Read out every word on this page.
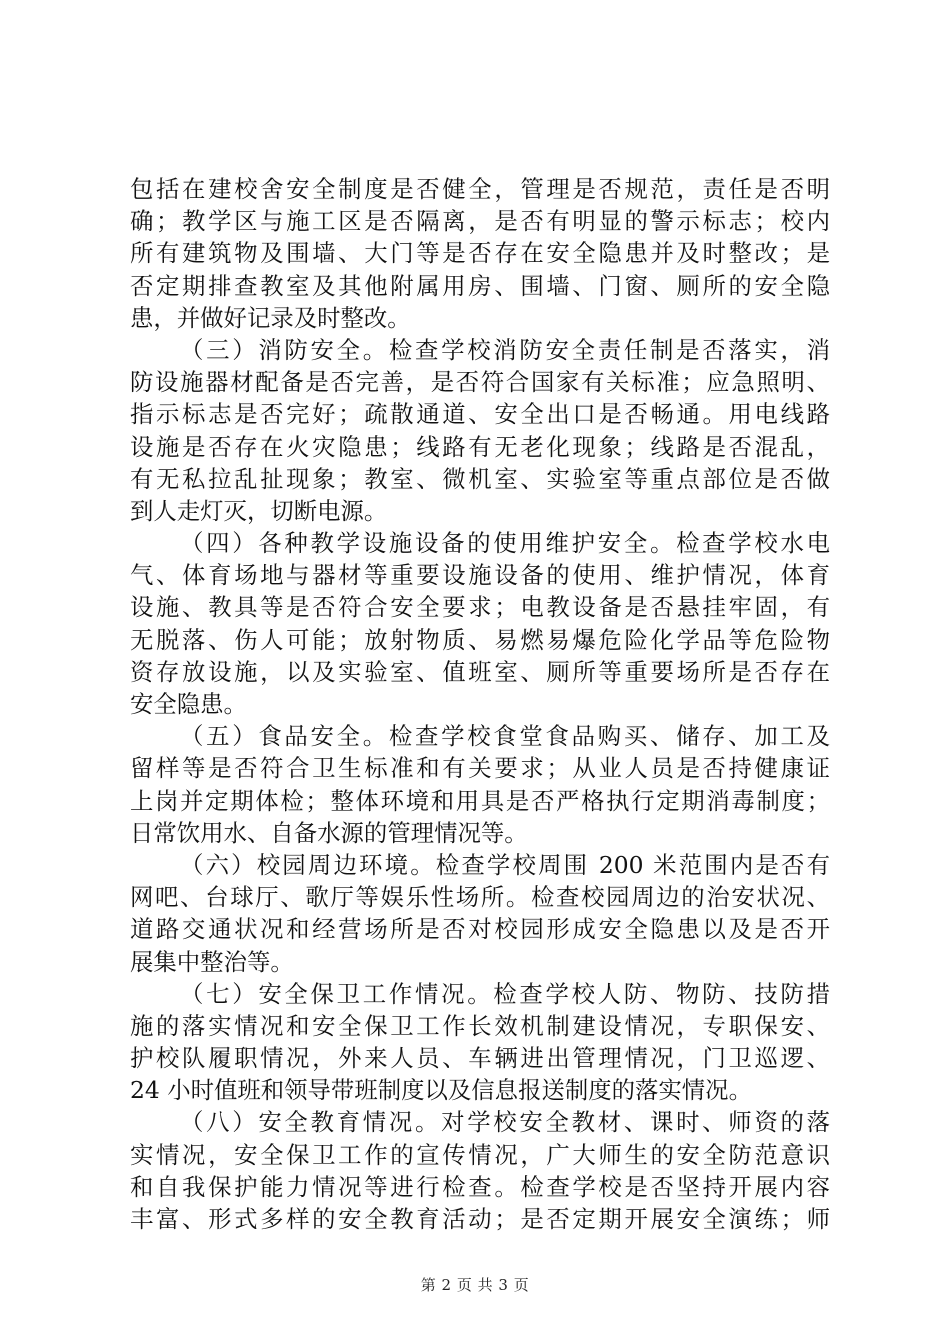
包括在建校舍安全制度是否健全，管理是否规范，责任是否明
确；教学区与施工区是否隔离，是否有明显的警示标志；校内
所有建筑物及围墙、大门等是否存在安全隐患并及时整改；是
否定期排查教室及其他附属用房、围墙、门窗、厕所的安全隐
患，并做好记录及时整改。
（三）消防安全。检查学校消防安全责任制是否落实，消
防设施器材配备是否完善，是否符合国家有关标准；应急照明、
指示标志是否完好；疏散通道、安全出口是否畅通。用电线路
设施是否存在火灾隐患；线路有无老化现象；线路是否混乱，
有无私拉乱扯现象；教室、微机室、实验室等重点部位是否做
到人走灯灭，切断电源。
（四）各种教学设施设备的使用维护安全。检查学校水电
气、体育场地与器材等重要设施设备的使用、维护情况，体育
设施、教具等是否符合安全要求；电教设备是否悬挂牢固，有
无脱落、伤人可能；放射物质、易燃易爆危险化学品等危险物
资存放设施，以及实验室、值班室、厕所等重要场所是否存在
安全隐患。
（五）食品安全。检查学校食堂食品购买、储存、加工及
留样等是否符合卫生标准和有关要求；从业人员是否持健康证
上岗并定期体检；整体环境和用具是否严格执行定期消毒制度；
日常饮用水、自备水源的管理情况等。
（六）校园周边环境。检查学校周围 200 米范围内是否有
网吧、台球厅、歌厅等娱乐性场所。检查校园周边的治安状况、
道路交通状况和经营场所是否对校园形成安全隐患以及是否开
展集中整治等。
（七）安全保卫工作情况。检查学校人防、物防、技防措
施的落实情况和安全保卫工作长效机制建设情况，专职保安、
护校队履职情况，外来人员、车辆进出管理情况，门卫巡逻、
24 小时值班和领导带班制度以及信息报送制度的落实情况。
（八）安全教育情况。对学校安全教材、课时、师资的落
实情况，安全保卫工作的宣传情况，广大师生的安全防范意识
和自我保护能力情况等进行检查。检查学校是否坚持开展内容
丰富、形式多样的安全教育活动；是否定期开展安全演练；师
第 2 页 共 3 页
